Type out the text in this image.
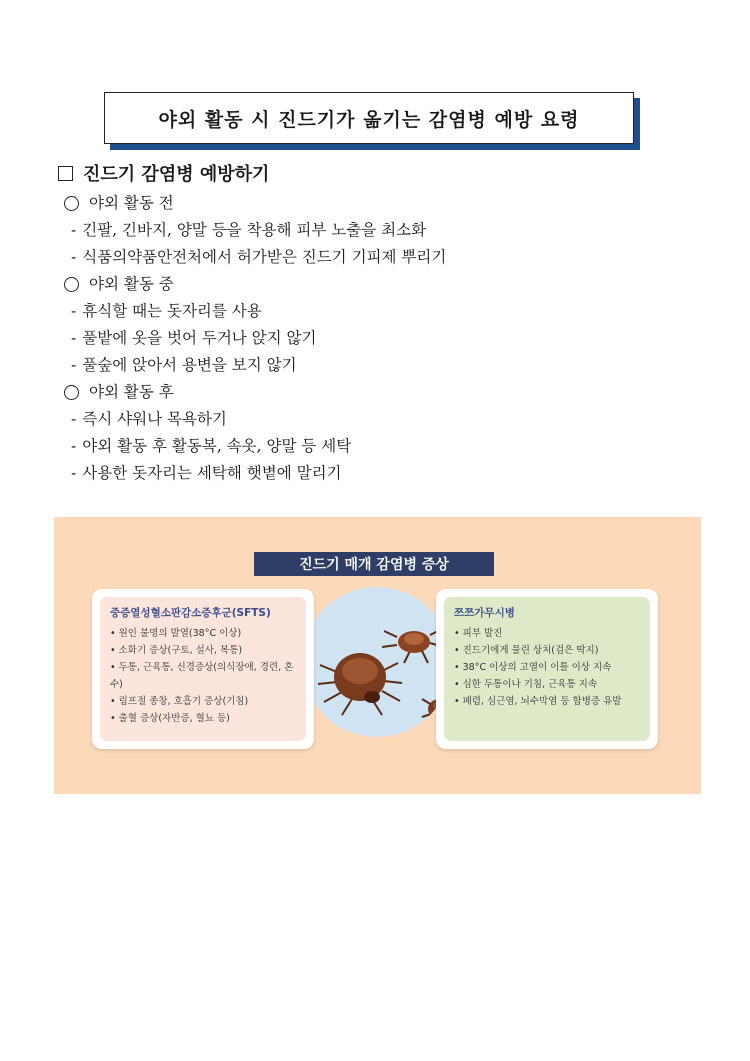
야외 활동 시 진드기가 옮기는 감염병 예방 요령
진드기 감염병 예방하기
야외 활동 전
- 긴팔, 긴바지, 양말 등을 착용해 피부 노출을 최소화
- 식품의약품안전처에서 허가받은 진드기 기피제 뿌리기
야외 활동 중
- 휴식할 때는 돗자리를 사용
- 풀밭에 옷을 벗어 두거나 앉지 않기
- 풀숲에 앉아서 용변을 보지 않기
야외 활동 후
- 즉시 샤워나 목욕하기
- 야외 활동 후 활동복, 속옷, 양말 등 세탁
- 사용한 돗자리는 세탁해 햇볕에 말리기
진드기 매개 감염병 증상
중증열성혈소판감소증후군(SFTS)
• 원인 불명의 발열(38°C 이상)
• 소화기 증상(구토, 설사, 복통)
• 두통, 근육통, 신경증상(의식장애, 경련, 혼수)
• 림프절 종창, 호흡기 증상(기침)
• 출혈 증상(자반증, 혈뇨 등)
쯔쯔가무시병
• 피부 발진
• 진드기에게 물린 상처(검은 딱지)
• 38°C 이상의 고열이 이틀 이상 지속
• 심한 두통이나 기침, 근육통 지속
• 폐렴, 심근염, 뇌수막염 등 합병증 유발
